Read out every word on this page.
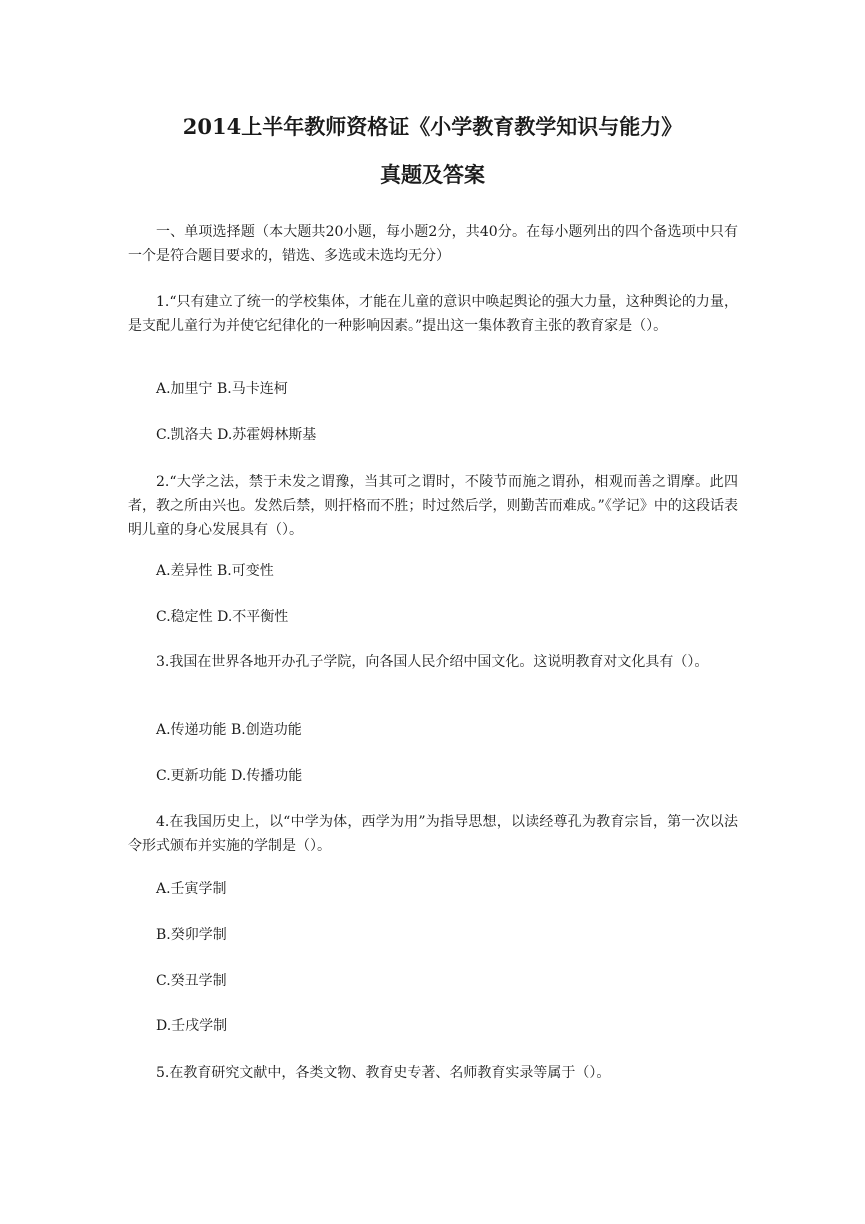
2014上半年教师资格证《小学教育教学知识与能力》
真题及答案
一、单项选择题（本大题共20小题，每小题2分，共40分。在每小题列出的四个备选项中只有一个是符合题目要求的，错选、多选或未选均无分）
1.“只有建立了统一的学校集体，才能在儿童的意识中唤起舆论的强大力量，这种舆论的力量，是支配儿童行为并使它纪律化的一种影响因素。”提出这一集体教育主张的教育家是（）。
A.加里宁 B.马卡连柯
C.凯洛夫 D.苏霍姆林斯基
2.“大学之法，禁于未发之谓豫，当其可之谓时，不陵节而施之谓孙，相观而善之谓摩。此四者，教之所由兴也。发然后禁，则扞格而不胜；时过然后学，则勤苦而难成。”《学记》中的这段话表明儿童的身心发展具有（）。
A.差异性 B.可变性
C.稳定性 D.不平衡性
3.我国在世界各地开办孔子学院，向各国人民介绍中国文化。这说明教育对文化具有（）。
A.传递功能 B.创造功能
C.更新功能 D.传播功能
4.在我国历史上，以“中学为体，西学为用”为指导思想，以读经尊孔为教育宗旨，第一次以法令形式颁布并实施的学制是（）。
A.壬寅学制
B.癸卯学制
C.癸丑学制
D.壬戌学制
5.在教育研究文献中，各类文物、教育史专著、名师教育实录等属于（）。
